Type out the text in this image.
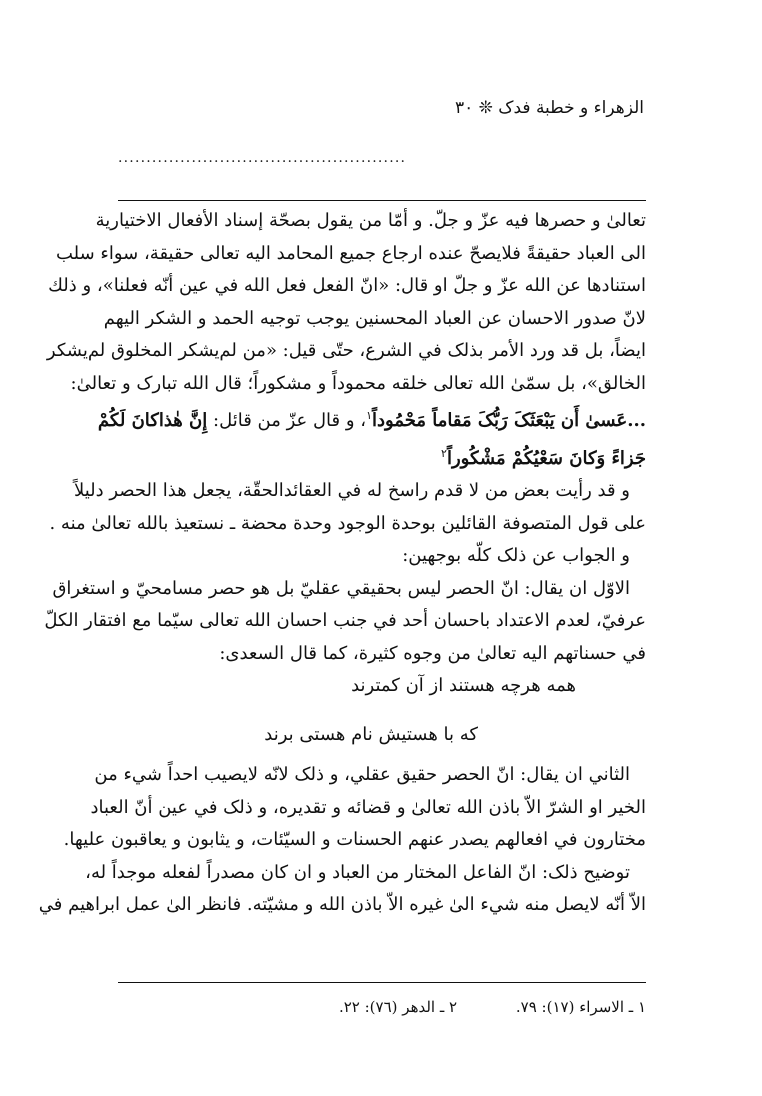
الزهراء و خطبة فدک ❊ ٣٠
...................................................
تعالىٰ و حصرها فيه عزّ و جلّ. و أمّا من يقول بصحّة إسناد الأفعال الاختيارية
الى العباد حقيقةً فلايصحّ عنده ارجاع جميع المحامد اليه تعالى حقيقة، سواء سلب
استنادها عن الله عزّ و جلّ او قال: «انّ الفعل فعل الله في عين أنّه فعلنا»، و ذلك
لانّ صدور الاحسان عن العباد المحسنين يوجب توجيه الحمد و الشكر اليهم
ايضاً، بل قد ورد الأمر بذلک في الشرع، حتّى قيل: «من لم‌يشكر المخلوق لم‌يشكر
الخالق»، بل سمّىٰ الله تعالى خلقه محموداً و مشكوراً؛ قال الله تبارک و تعالىٰ:
...عَسىٰ أَن يَبْعَثَکَ رَبُّکَ مَقاماً مَحْمُوداً$^١$، و قال عزّ من قائل: إِنَّ هٰذاکانَ لَکُمْ
جَزاءً وَکانَ سَعْيُکُمْ مَشْکُوراً$^٢$
و قد رأيت بعض من لا قدم راسخ له في العقائدالحقّة، يجعل هذا الحصر دليلاً
على قول المتصوفة القائلين بوحدة الوجود وحدة محضة ـ نستعيذ بالله تعالىٰ منه .
و الجواب عن ذلک كلّه بوجهين:
الاوّل ان يقال: انّ الحصر ليس بحقيقي عقليّ بل هو حصر مسامحيّ و استغراق
عرفيّ، لعدم الاعتداد باحسان أحد في جنب احسان الله تعالى سيّما مع افتقار الكلّ
في حسناتهم اليه تعالىٰ من وجوه كثيرة، كما قال السعدى:
همه هرچه هستند از آن كمترند
كه با هستيش نام هستى برند
الثاني ان يقال: انّ الحصر حقيق عقلي، و ذلک لانّه لايصيب احداً شيء من
الخير او الشرّ الاّ باذن الله تعالىٰ و قضائه و تقديره، و ذلک في عين أنّ العباد
مختارون في افعالهم يصدر عنهم الحسنات و السيّئات، و يثابون و يعاقبون عليها.
توضيح ذلک: انّ الفاعل المختار من العباد و ان كان مصدراً لفعله موجداً له،
الاّ أنّه لايصل منه شيء الىٰ غيره الاّ باذن الله و مشيّته. فانظر الىٰ عمل ابراهيم في
١ ـ الاسراء (١٧): ٧٩. ٢ ـ الدهر (٧٦): ٢٢.
